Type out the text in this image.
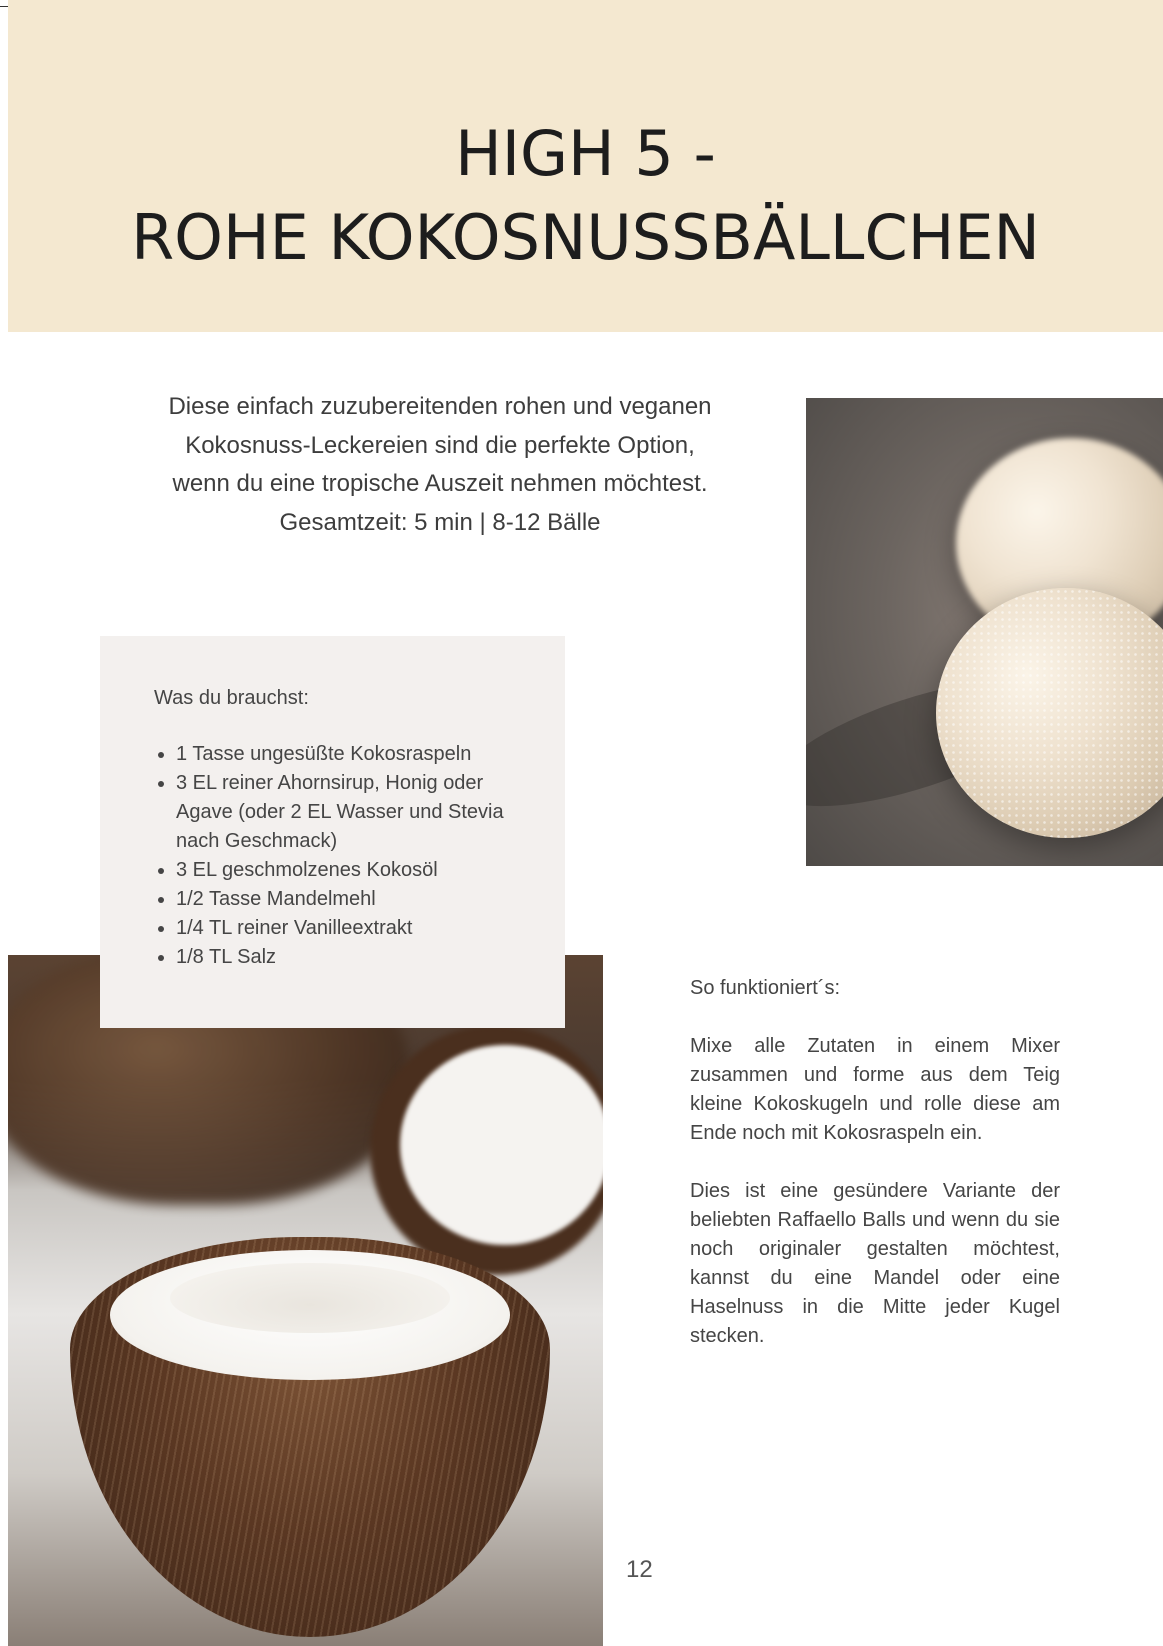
HIGH 5 -
ROHE KOKOSNUSSBÄLLCHEN
Diese einfach zuzubereitenden rohen und veganen
Kokosnuss-Leckereien sind die perfekte Option,
wenn du eine tropische Auszeit nehmen möchtest.
Gesamtzeit: 5 min | 8-12 Bälle
Was du brauchst:
• 1 Tasse ungesüßte Kokosraspeln
• 3 EL reiner Ahornsirup, Honig oder Agave (oder 2 EL Wasser und Stevia nach Geschmack)
• 3 EL geschmolzenes Kokosöl
• 1/2 Tasse Mandelmehl
• 1/4 TL reiner Vanilleextrakt
• 1/8 TL Salz

So funktioniert´s:

Mixe alle Zutaten in einem Mixer zusammen und forme aus dem Teig kleine Kokoskugeln und rolle diese am Ende noch mit Kokosraspeln ein.

Dies ist eine gesündere Variante der beliebten Raffaello Balls und wenn du sie noch originaler gestalten möchtest, kannst du eine Mandel oder eine Haselnuss in die Mitte jeder Kugel stecken.

12
